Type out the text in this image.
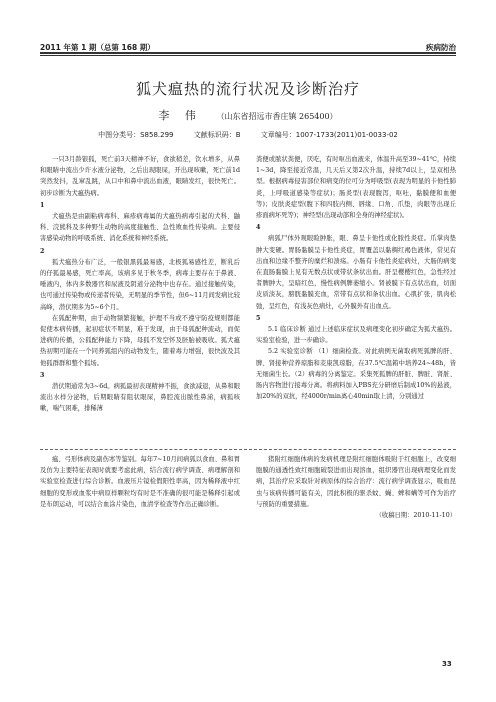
2011 年第 1 期（总第 168 期）	疾病防治
狐犬瘟热的流行状况及诊断治疗
李 伟 （山东省招远市香庄镇 265400）
中图分类号：S858.299	文献标识码：B	文章编号：1007-1733(2011)01-0033-02

一只3月龄银狐，死亡前3天精神不好，食欲稍差，饮水增多，从鼻和眼睛中流出少许水液分泌物，之后出现眼屎，开出现咳嗽，死亡前1d突然发抖，乱窜乱跳，从口中和鼻中流出血液，眼睛发红，很快死亡。初步诊断为犬瘟热病。

1

犬瘟热是由副粘病毒科、麻疹病毒属的犬瘟热病毒引起的犬科、鼬科、浣熊科及多种野生动物的高度接触性、急性败血性传染病。主要侵害感染动物的呼吸系统、消化系统和神经系统。

2

狐犬瘟热分布广泛，一般银黑狐最易感，北极狐易感性差，断乳后的仔狐最易感，死亡率高，该病多见于秋冬季，病毒主要存在于鼻液、唾液内，体内多数器官和尿液及阴道分泌物中也存在。通过接触传染，也可通过传染物或传递者传染，无明显的季节性，但6~11月间发病比较高峰，潜伏期多为5~6个月。

在狐配种期，由于动物频繁接触，护理不当或不遵守防疫规则都能促使本病传播，起初症状不明显，难于发现，由于母狐配种流动，而促进病的传播，公狐配种能力下降，母狐不发空怀及胚胎被吸收。狐犬瘟热初期可能在一个同养狐组内的动物发生，随着毒力增强，很快波及其他狐群群和整个狐场。

3

潜伏期通常为3~6d。病狐最初表现精神不振，食欲减退，从鼻和眼流出水样分泌物，后期眼睛有阻状眼屎，鼻腔流出脓性鼻涕，病狐咳嗽，喘气困难，排稀薄

粪便或脓状粪便，厌吃，有时呕出血液来，体温升高至39~41℃，持续1~3d，降至接近常温，几天后又第2次升温，持续7d以上，呈双相热型。根据病毒侵害部位和病变的位可分为呼吸型(表现为明显的卡他性肺炎，上呼吸道感染等症状)；肠炎型(表现腹泻，呕吐，黏膜便和血便等)；皮肤炎症型(腹下和四肢内侧、唇缘、口角、爪垫，肉眼等出现丘疹面病坏死等)；神经型(出现动部和全身的神经症状)。

4

病狐尸体外观眼睑肿胀，眼、鼻呈卡他性或化脓性炎症。爪掌肉垫肿大变硬。胃肠黏膜呈卡他性炎症，胃覆盖以黏稠红褐色液体，常见有出血和边缘不整齐的糜烂和溃疡。小肠有卡他性炎症病灶，大肠的病变在直肠黏膜上见有无数点状或带状条状出血。肝呈樱樱红色，急性经过者脾肿大，呈暗红色，慢性病例脾萎缩小。肾被膜下有点状出血，切面皮质淡灰，膀胱黏膜充血，常带有点状和条状出血。心肌扩张，肌肉松弛，呈红色，有浅灰色病灶，心外膜外有出血点。

5

5.1 临床诊断 通过上述临床症状及病理变化初步确定为狐犬瘟热。实验室检验，进一步确诊。

5.2 实验室诊断 （1）细菌检查。对此病例无菌取病死狐脾的肝、脾、肾接种营养琼脂和麦康凯琼脂，在37.5℃温箱中培养24~48h，皆无细菌生长。（2）病毒的分离鉴定。采集死狐脾的肝脏、脾脏、肾脏、肠内容物进行接毒分离。将病料加入PBS充分研磨后制成10%的悬液，加20%的双抗，经4000r/min离心40min取上清，分别通过

瘟、弓形体病及副伤寒等鉴别。每年7~10月间病狐以食血、鼻和胃及仿为主要特征表现时就要考虑此病，结合流行病学调查、病理解剖和实验室检查进行综合诊断。血液压片镜检假阳性率高，因为稀释液中红细胞的变形或血浆中病原样颗粒均有时是不准确的很可能是稀释引起或是布朗运动，可以结合血涂片染色，血清学检查等作出正确诊断。

猪附红细胞体病的发病机理是附红细胞体吸附于红细胞上，改变细胞膜的通透性致红细胞破裂进而出现溶血，组织器官出现病理变化而发病，其治疗应采取针对病原体的综合治疗：流行病学调查显示，吸血昆虫与该病传播可能有关，因此积极的驱杀蚊、蝇、蜱和螨等可作为治疗与预防的重要措施。

（收稿日期：2010-11-10）

33
